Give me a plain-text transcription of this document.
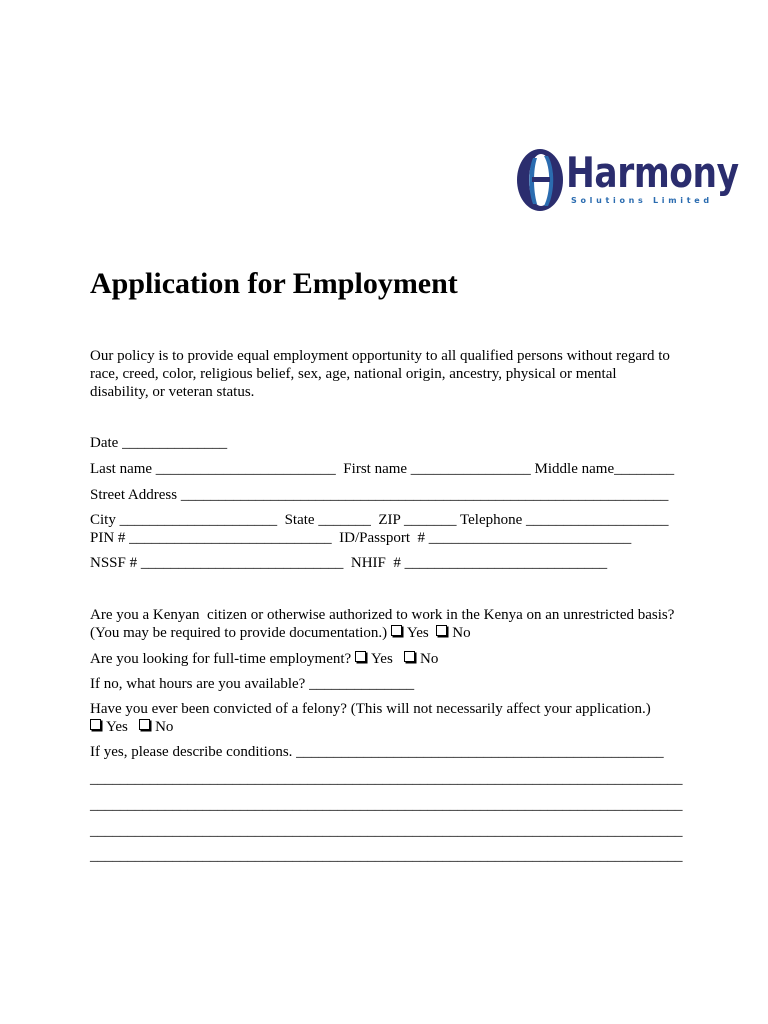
Harmony
Solutions Limited
Application for Employment
Our policy is to provide equal employment opportunity to all qualified persons without regard to
race, creed, color, religious belief, sex, age, national origin, ancestry, physical or mental
disability, or veteran status.
Date ______________
Last name ________________________  First name ________________ Middle name________
Street Address _________________________________________________________________
City _____________________  State _______  ZIP _______ Telephone ___________________
PIN # ___________________________  ID/Passport  # ___________________________
NSSF # ___________________________  NHIF  # ___________________________
Are you a Kenyan  citizen or otherwise authorized to work in the Kenya on an unrestricted basis?
(You may be required to provide documentation.) Yes No
Are you looking for full-time employment? Yes No
If no, what hours are you available? ______________
Have you ever been convicted of a felony? (This will not necessarily affect your application.)
Yes No
If yes, please describe conditions. _________________________________________________
_______________________________________________________________________________
_______________________________________________________________________________
_______________________________________________________________________________
_______________________________________________________________________________
